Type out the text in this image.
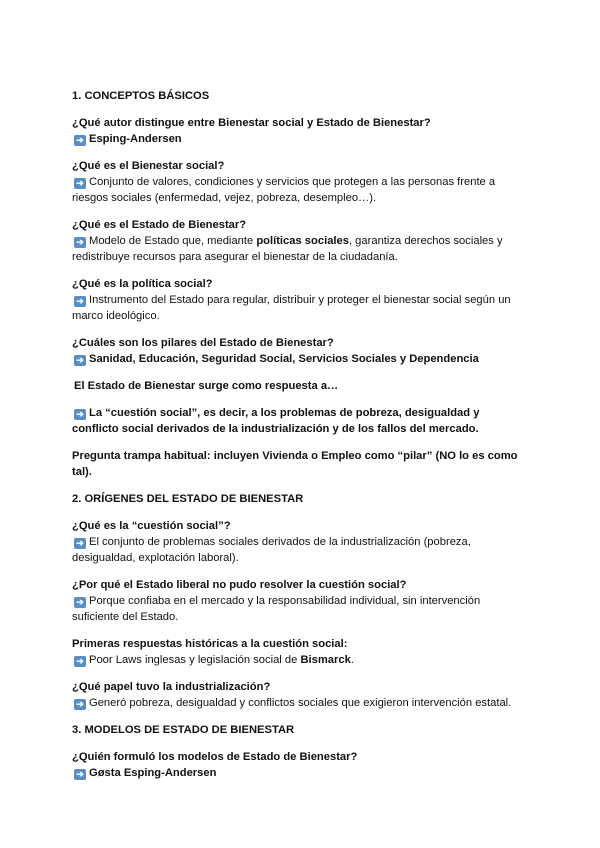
1. CONCEPTOS BÁSICOS
¿Qué autor distingue entre Bienestar social y Estado de Bienestar?
➔Esping-Andersen
¿Qué es el Bienestar social?
➔Conjunto de valores, condiciones y servicios que protegen a las personas frente a riesgos sociales (enfermedad, vejez, pobreza, desempleo…).
¿Qué es el Estado de Bienestar?
➔Modelo de Estado que, mediante políticas sociales, garantiza derechos sociales y redistribuye recursos para asegurar el bienestar de la ciudadanía.
¿Qué es la política social?
➔Instrumento del Estado para regular, distribuir y proteger el bienestar social según un marco ideológico.
¿Cuáles son los pilares del Estado de Bienestar?
➔Sanidad, Educación, Seguridad Social, Servicios Sociales y Dependencia
El Estado de Bienestar surge como respuesta a…
➔La “cuestión social”, es decir, a los problemas de pobreza, desigualdad y conflicto social derivados de la industrialización y de los fallos del mercado.
Pregunta trampa habitual: incluyen Vivienda o Empleo como “pilar” (NO lo es como tal).
2. ORÍGENES DEL ESTADO DE BIENESTAR
¿Qué es la “cuestión social”?
➔El conjunto de problemas sociales derivados de la industrialización (pobreza, desigualdad, explotación laboral).
¿Por qué el Estado liberal no pudo resolver la cuestión social?
➔Porque confiaba en el mercado y la responsabilidad individual, sin intervención suficiente del Estado.
Primeras respuestas históricas a la cuestión social:
➔Poor Laws inglesas y legislación social de Bismarck.
¿Qué papel tuvo la industrialización?
➔Generó pobreza, desigualdad y conflictos sociales que exigieron intervención estatal.
3. MODELOS DE ESTADO DE BIENESTAR
¿Quién formuló los modelos de Estado de Bienestar?
➔Gøsta Esping-Andersen
